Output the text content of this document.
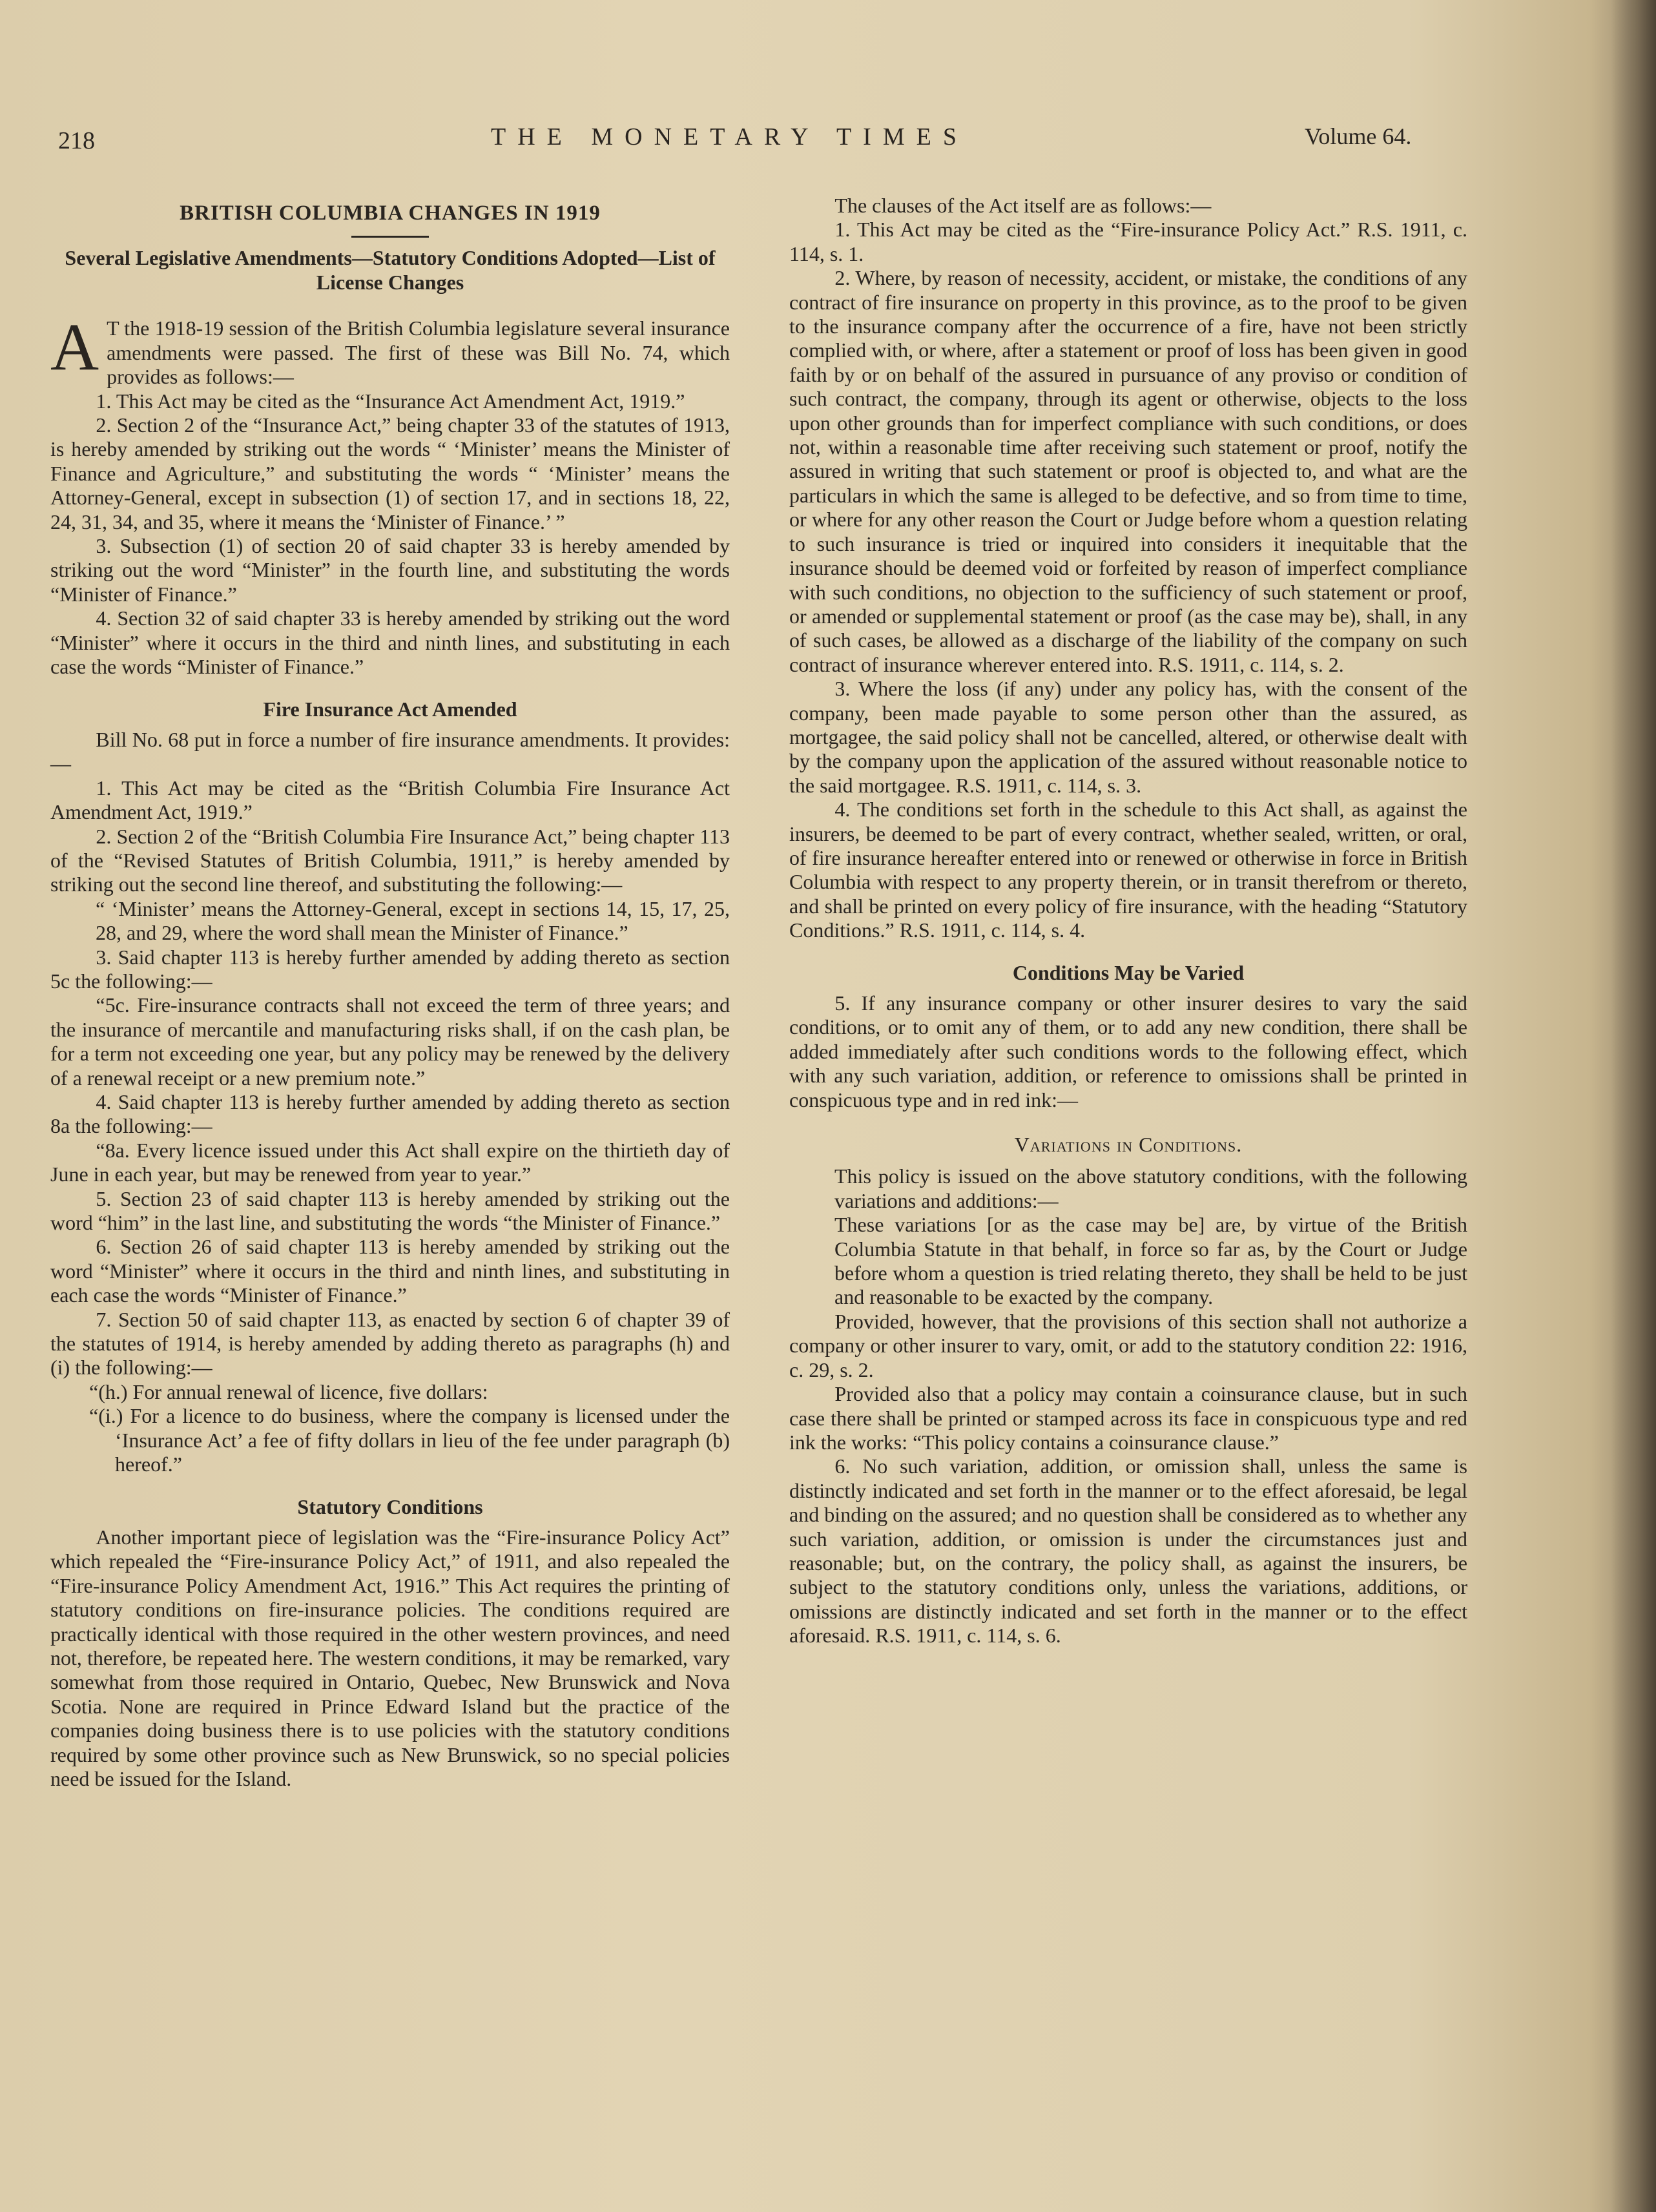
218	THE MONETARY TIMES	Volume 64.
BRITISH COLUMBIA CHANGES IN 1919
Several Legislative Amendments—Statutory Conditions Adopted—List of License Changes

A T the 1918-19 session of the British Columbia legislature several insurance amendments were passed. The first of these was Bill No. 74, which provides as follows:—

1. This Act may be cited as the “Insurance Act Amendment Act, 1919.”

2. Section 2 of the “Insurance Act,” being chapter 33 of the statutes of 1913, is hereby amended by striking out the words “ ‘Minister’ means the Minister of Finance and Agriculture,” and substituting the words “ ‘Minister’ means the Attorney-General, except in subsection (1) of section 17, and in sections 18, 22, 24, 31, 34, and 35, where it means the ‘Minister of Finance.’ ”

3. Subsection (1) of section 20 of said chapter 33 is hereby amended by striking out the word “Minister” in the fourth line, and substituting the words “Minister of Finance.”

4. Section 32 of said chapter 33 is hereby amended by striking out the word “Minister” where it occurs in the third and ninth lines, and substituting in each case the words “Minister of Finance.”

Fire Insurance Act Amended

Bill No. 68 put in force a number of fire insurance amendments. It provides:—

1. This Act may be cited as the “British Columbia Fire Insurance Act Amendment Act, 1919.”

2. Section 2 of the “British Columbia Fire Insurance Act,” being chapter 113 of the “Revised Statutes of British Columbia, 1911,” is hereby amended by striking out the second line thereof, and substituting the following:—

“ ‘Minister’ means the Attorney-General, except in sections 14, 15, 17, 25, 28, and 29, where the word shall mean the Minister of Finance.”

3. Said chapter 113 is hereby further amended by adding thereto as section 5c the following:—

“5c. Fire-insurance contracts shall not exceed the term of three years; and the insurance of mercantile and manufacturing risks shall, if on the cash plan, be for a term not exceeding one year, but any policy may be renewed by the delivery of a renewal receipt or a new premium note.”

4. Said chapter 113 is hereby further amended by adding thereto as section 8a the following:—

“8a. Every licence issued under this Act shall expire on the thirtieth day of June in each year, but may be renewed from year to year.”

5. Section 23 of said chapter 113 is hereby amended by striking out the word “him” in the last line, and substituting the words “the Minister of Finance.”

6. Section 26 of said chapter 113 is hereby amended by striking out the word “Minister” where it occurs in the third and ninth lines, and substituting in each case the words “Minister of Finance.”

7. Section 50 of said chapter 113, as enacted by section 6 of chapter 39 of the statutes of 1914, is hereby amended by adding thereto as paragraphs (h) and (i) the following:—

“(h.) For annual renewal of licence, five dollars:

“(i.) For a licence to do business, where the company is licensed under the ‘Insurance Act’ a fee of fifty dollars in lieu of the fee under paragraph (b) hereof.”

Statutory Conditions

Another important piece of legislation was the “Fire-insurance Policy Act” which repealed the “Fire-insurance Policy Act,” of 1911, and also repealed the “Fire-insurance Policy Amendment Act, 1916.” This Act requires the printing of statutory conditions on fire-insurance policies. The conditions required are practically identical with those required in the other western provinces, and need not, therefore, be repeated here. The western conditions, it may be remarked, vary somewhat from those required in Ontario, Quebec, New Brunswick and Nova Scotia. None are required in Prince Edward Island but the practice of the companies doing business there is to use policies with the statutory conditions required by some other province such as New Brunswick, so no special policies need be issued for the Island.

The clauses of the Act itself are as follows:—

1. This Act may be cited as the “Fire-insurance Policy Act.” R.S. 1911, c. 114, s. 1.

2. Where, by reason of necessity, accident, or mistake, the conditions of any contract of fire insurance on property in this province, as to the proof to be given to the insurance company after the occurrence of a fire, have not been strictly complied with, or where, after a statement or proof of loss has been given in good faith by or on behalf of the assured in pursuance of any proviso or condition of such contract, the company, through its agent or otherwise, objects to the loss upon other grounds than for imperfect compliance with such conditions, or does not, within a reasonable time after receiving such statement or proof, notify the assured in writing that such statement or proof is objected to, and what are the particulars in which the same is alleged to be defective, and so from time to time, or where for any other reason the Court or Judge before whom a question relating to such insurance is tried or inquired into considers it inequitable that the insurance should be deemed void or forfeited by reason of imperfect compliance with such conditions, no objection to the sufficiency of such statement or proof, or amended or supplemental statement or proof (as the case may be), shall, in any of such cases, be allowed as a discharge of the liability of the company on such contract of insurance wherever entered into. R.S. 1911, c. 114, s. 2.

3. Where the loss (if any) under any policy has, with the consent of the company, been made payable to some person other than the assured, as mortgagee, the said policy shall not be cancelled, altered, or otherwise dealt with by the company upon the application of the assured without reasonable notice to the said mortgagee. R.S. 1911, c. 114, s. 3.

4. The conditions set forth in the schedule to this Act shall, as against the insurers, be deemed to be part of every contract, whether sealed, written, or oral, of fire insurance hereafter entered into or renewed or otherwise in force in British Columbia with respect to any property therein, or in transit therefrom or thereto, and shall be printed on every policy of fire insurance, with the heading “Statutory Conditions.” R.S. 1911, c. 114, s. 4.

Conditions May be Varied

5. If any insurance company or other insurer desires to vary the said conditions, or to omit any of them, or to add any new condition, there shall be added immediately after such conditions words to the following effect, which with any such variation, addition, or reference to omissions shall be printed in conspicuous type and in red ink:—

Variations in Conditions.

This policy is issued on the above statutory conditions, with the following variations and additions:—

These variations [or as the case may be] are, by virtue of the British Columbia Statute in that behalf, in force so far as, by the Court or Judge before whom a question is tried relating thereto, they shall be held to be just and reasonable to be exacted by the company.

Provided, however, that the provisions of this section shall not authorize a company or other insurer to vary, omit, or add to the statutory condition 22: 1916, c. 29, s. 2.

Provided also that a policy may contain a coinsurance clause, but in such case there shall be printed or stamped across its face in conspicuous type and red ink the works: “This policy contains a coinsurance clause.”

6. No such variation, addition, or omission shall, unless the same is distinctly indicated and set forth in the manner or to the effect aforesaid, be legal and binding on the assured; and no question shall be considered as to whether any such variation, addition, or omission is under the circumstances just and reasonable; but, on the contrary, the policy shall, as against the insurers, be subject to the statutory conditions only, unless the variations, additions, or omissions are distinctly indicated and set forth in the manner or to the effect aforesaid. R.S. 1911, c. 114, s. 6.
